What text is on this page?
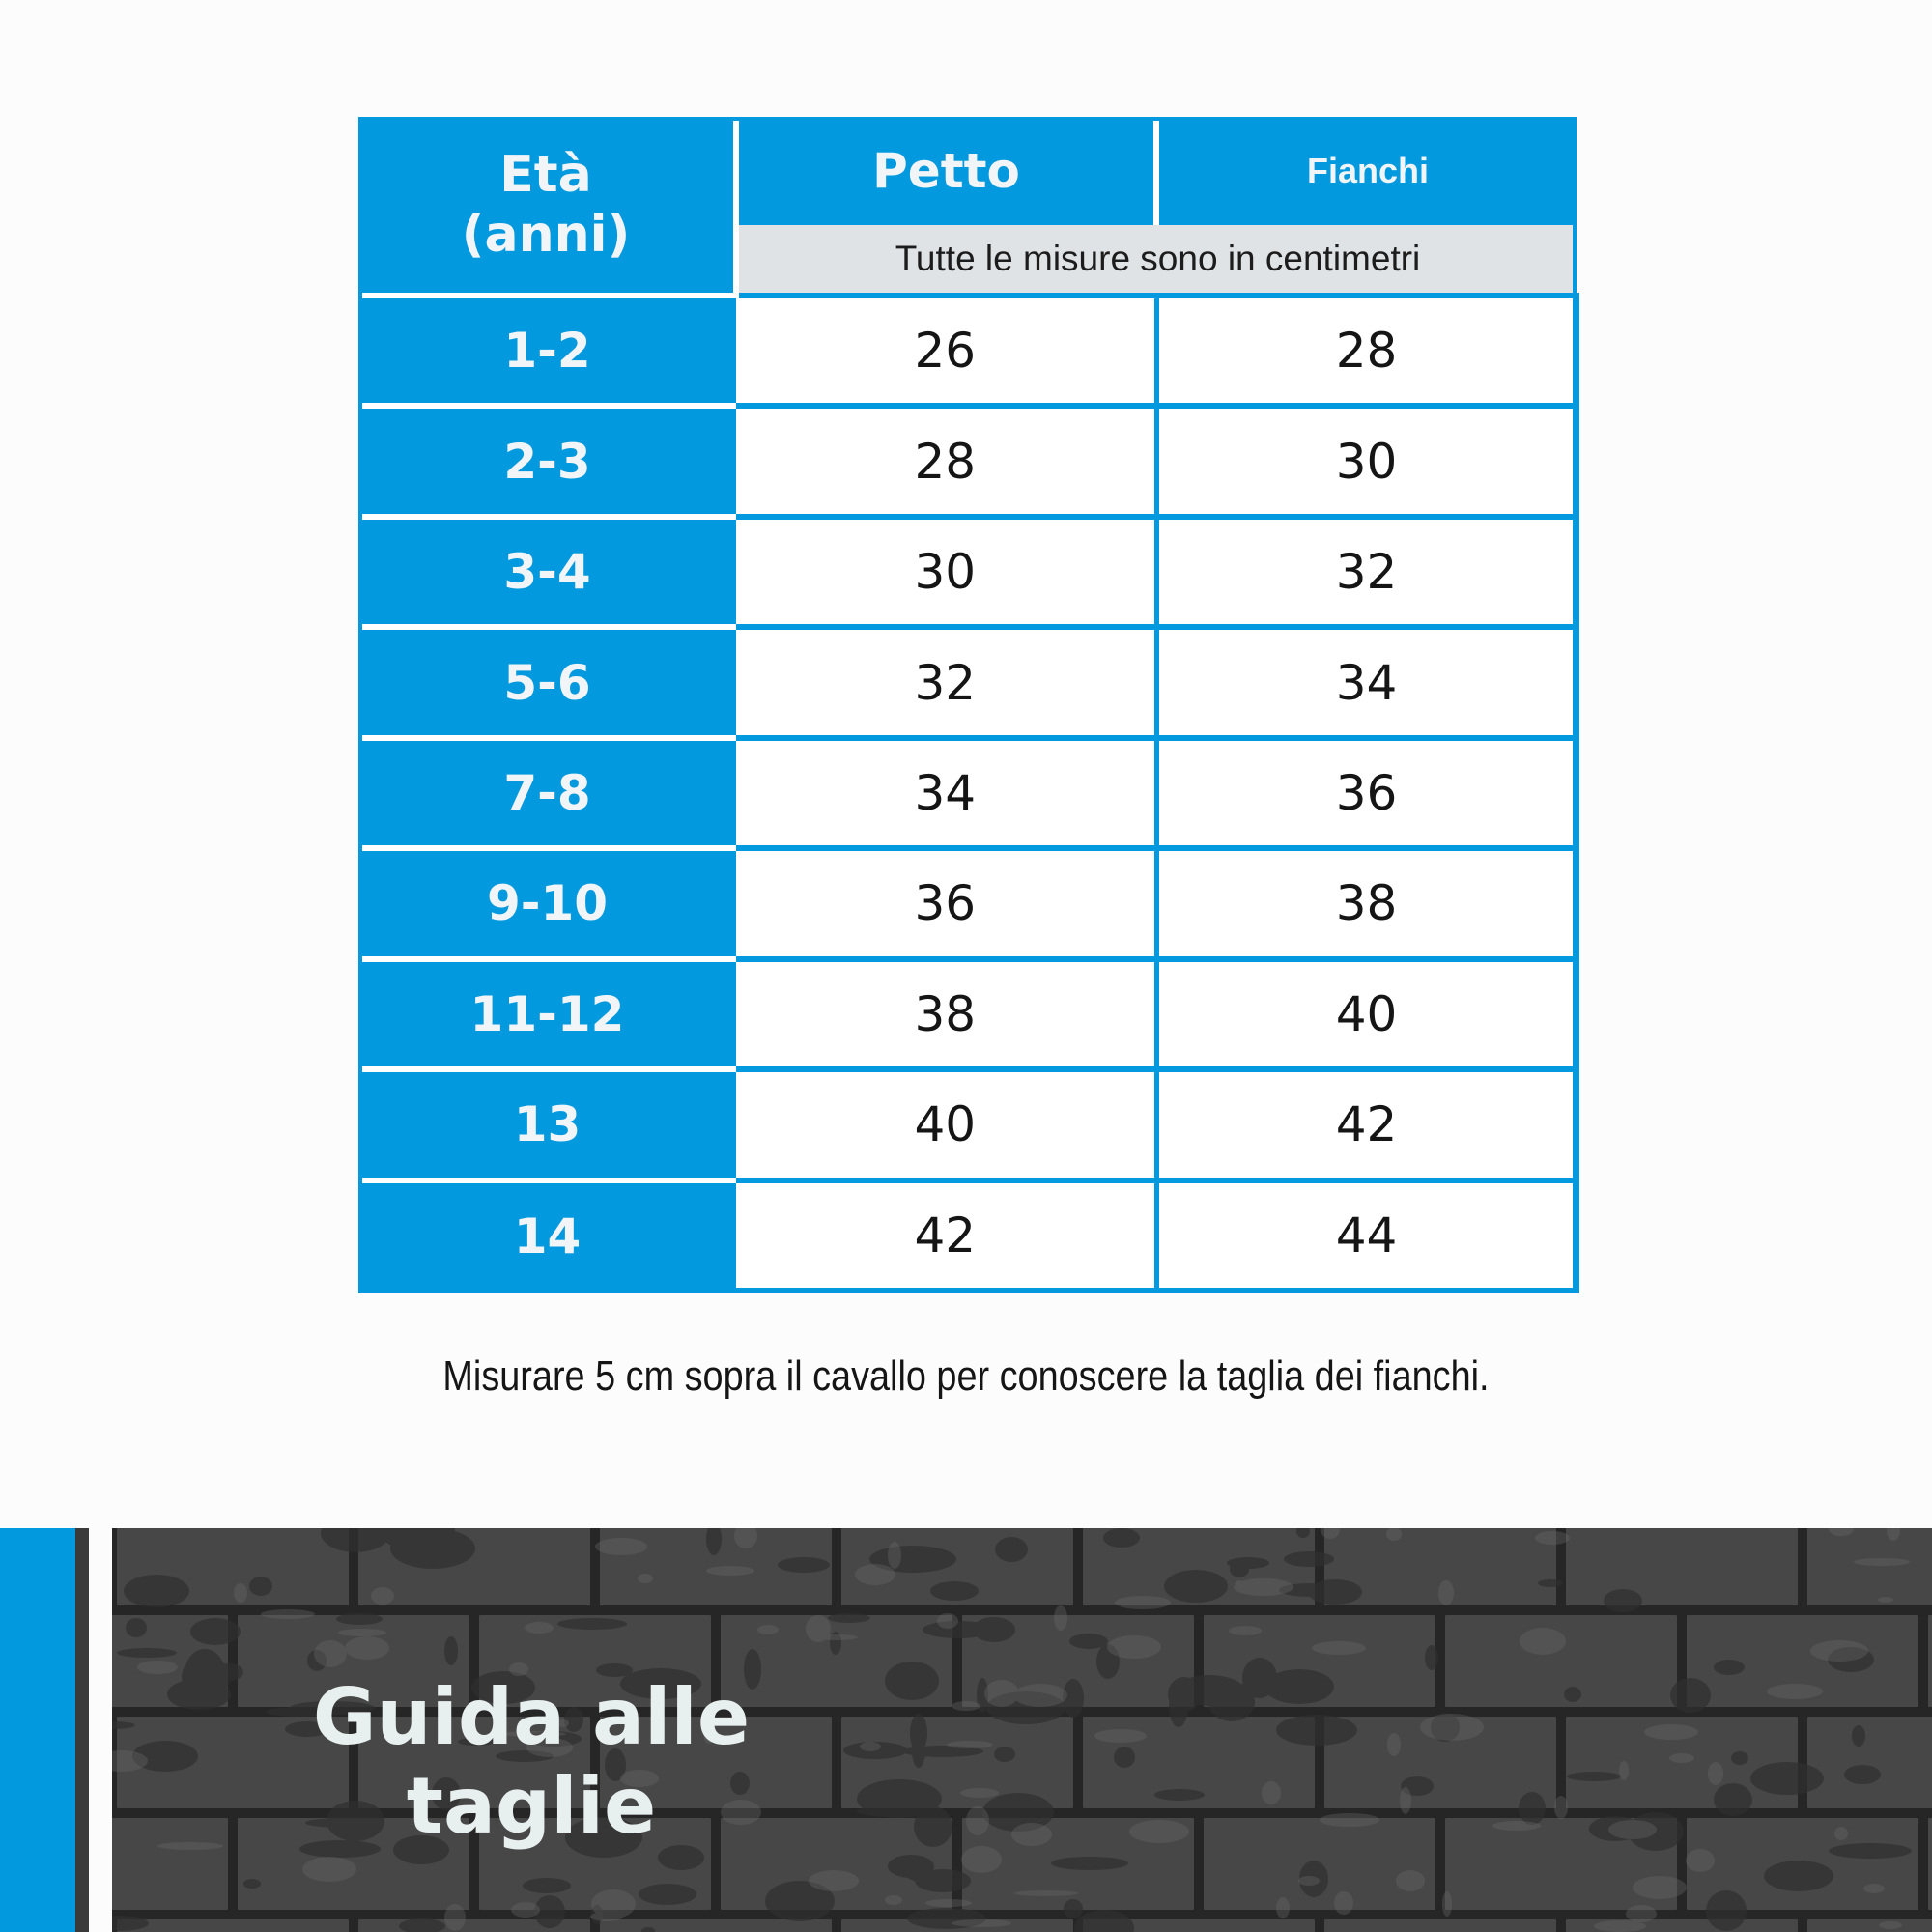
Età
(anni)	Petto	Fianchi
	Tutte le misure sono in centimetri	
1-2	26	28
2-3	28	30
3-4	30	32
5-6	32	34
7-8	34	36
9-10	36	38
11-12	38	40
13	40	42
14	42	44
Misurare 5 cm sopra il cavallo per conoscere la taglia dei fianchi.
Guida alle
taglie
